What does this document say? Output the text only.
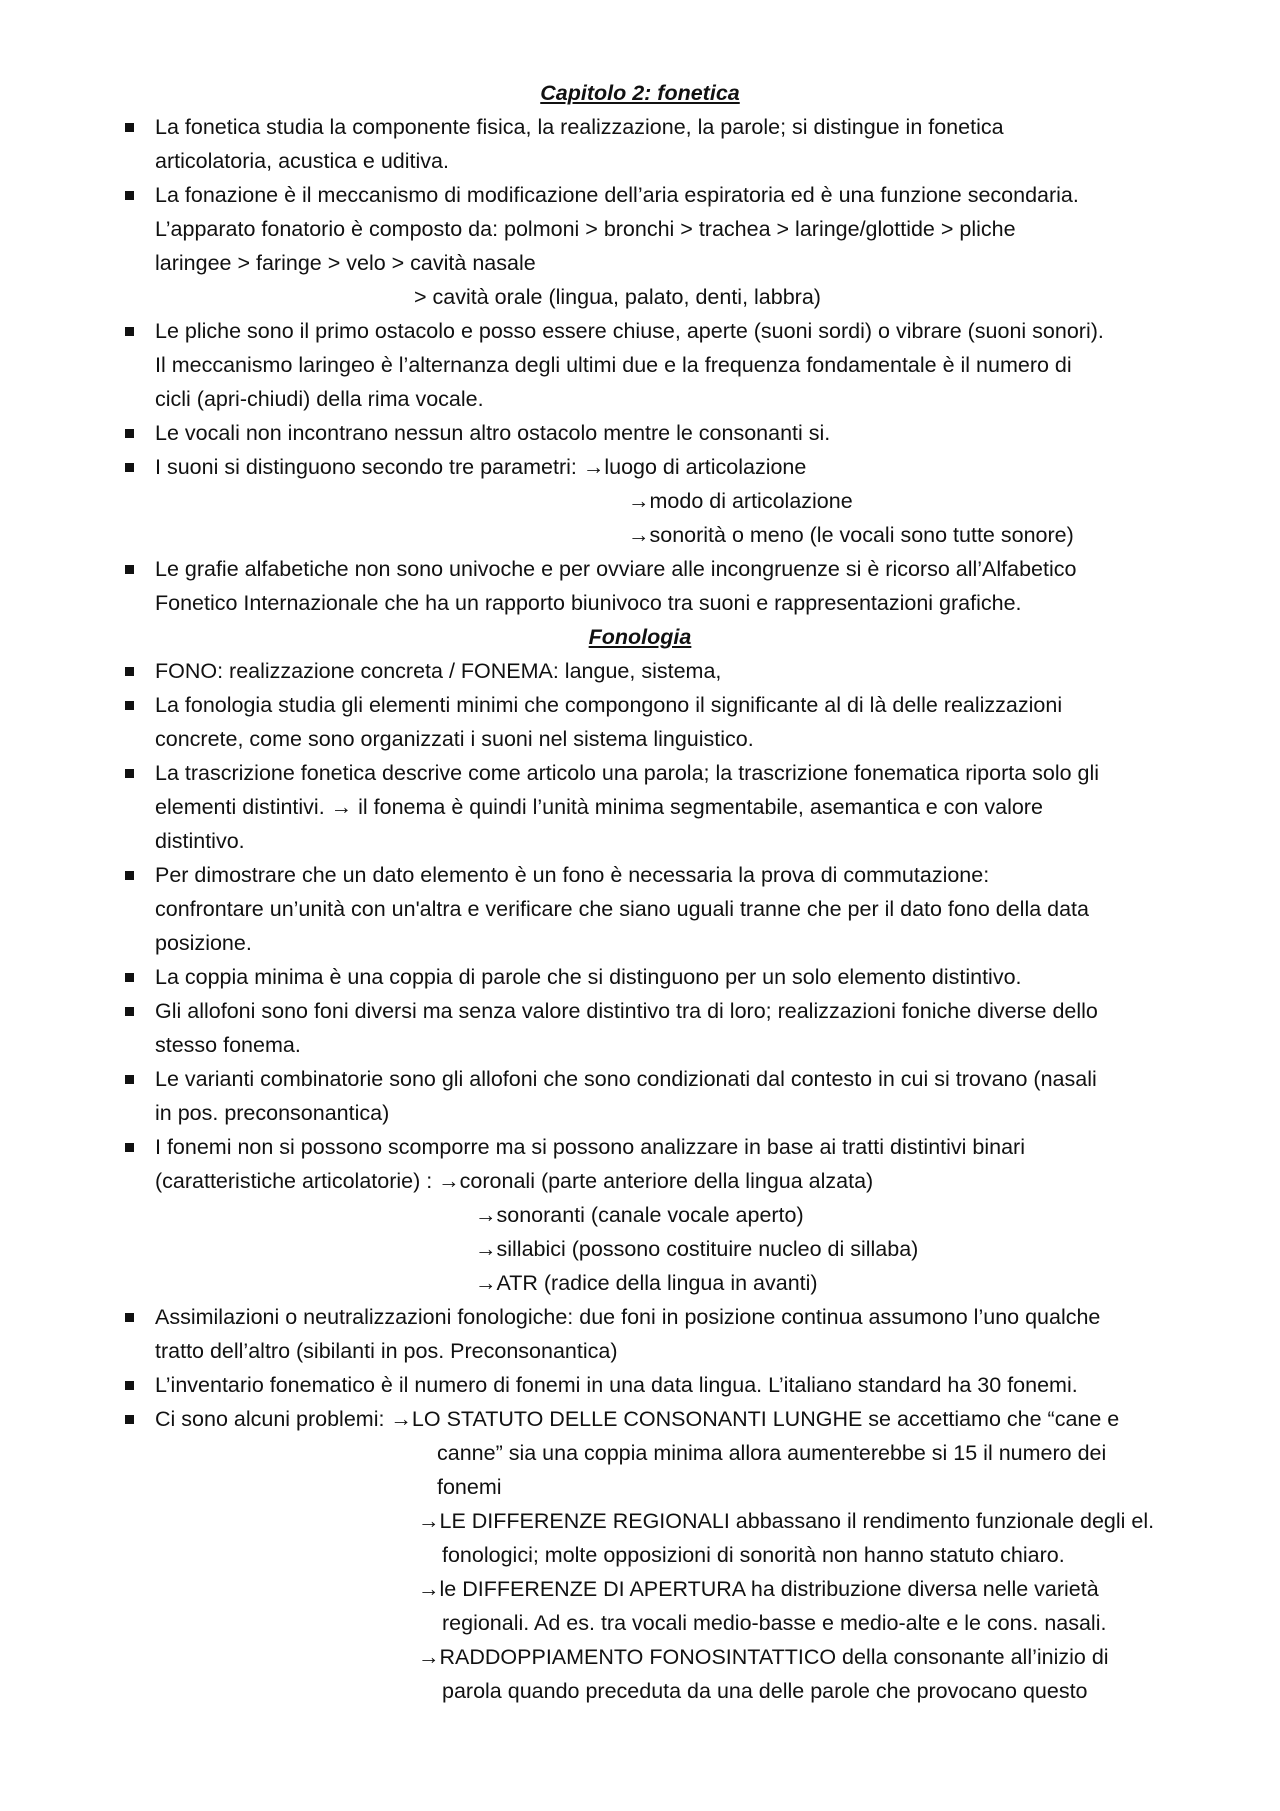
Capitolo 2: fonetica
Fonologia
La fonetica studia la componente fisica, la realizzazione, la parole; si distingue in fonetica
articolatoria, acustica e uditiva.
La fonazione è il meccanismo di modificazione dell’aria espiratoria ed è una funzione secondaria.
L’apparato fonatorio è composto da: polmoni > bronchi > trachea > laringe/glottide > pliche
laringee > faringe > velo > cavità nasale
> cavità orale (lingua, palato, denti, labbra)
Le pliche sono il primo ostacolo e posso essere chiuse, aperte (suoni sordi) o vibrare (suoni sonori).
Il meccanismo laringeo è l’alternanza degli ultimi due e la frequenza fondamentale è il numero di
cicli (apri-chiudi) della rima vocale.
Le vocali non incontrano nessun altro ostacolo mentre le consonanti si.
I suoni si distinguono secondo tre parametri: →luogo di articolazione
→modo di articolazione
→sonorità o meno (le vocali sono tutte sonore)
Le grafie alfabetiche non sono univoche e per ovviare alle incongruenze si è ricorso all’Alfabetico
Fonetico Internazionale che ha un rapporto biunivoco tra suoni e rappresentazioni grafiche.
FONO: realizzazione concreta / FONEMA: langue, sistema,
La fonologia studia gli elementi minimi che compongono il significante al di là delle realizzazioni
concrete, come sono organizzati i suoni nel sistema linguistico.
La trascrizione fonetica descrive come articolo una parola; la trascrizione fonematica riporta solo gli
elementi distintivi. → il fonema è quindi l’unità minima segmentabile, asemantica e con valore
distintivo.
Per dimostrare che un dato elemento è un fono è necessaria la prova di commutazione:
confrontare un’unità con un'altra e verificare che siano uguali tranne che per il dato fono della data
posizione.
La coppia minima è una coppia di parole che si distinguono per un solo elemento distintivo.
Gli allofoni sono foni diversi ma senza valore distintivo tra di loro; realizzazioni foniche diverse dello
stesso fonema.
Le varianti combinatorie sono gli allofoni che sono condizionati dal contesto in cui si trovano (nasali
in pos. preconsonantica)
I fonemi non si possono scomporre ma si possono analizzare in base ai tratti distintivi binari
(caratteristiche articolatorie) : →coronali (parte anteriore della lingua alzata)
→sonoranti (canale vocale aperto)
→sillabici (possono costituire nucleo di sillaba)
→ATR (radice della lingua in avanti)
Assimilazioni o neutralizzazioni fonologiche: due foni in posizione continua assumono l’uno qualche
tratto dell’altro (sibilanti in pos. Preconsonantica)
L’inventario fonematico è il numero di fonemi in una data lingua. L’italiano standard ha 30 fonemi.
Ci sono alcuni problemi: →LO STATUTO DELLE CONSONANTI LUNGHE se accettiamo che “cane e
canne” sia una coppia minima allora aumenterebbe si 15 il numero dei
fonemi
→LE DIFFERENZE REGIONALI abbassano il rendimento funzionale degli el.
fonologici; molte opposizioni di sonorità non hanno statuto chiaro.
→le DIFFERENZE DI APERTURA ha distribuzione diversa nelle varietà
regionali. Ad es. tra vocali medio-basse e medio-alte e le cons. nasali.
→RADDOPPIAMENTO FONOSINTATTICO della consonante all’inizio di
parola quando preceduta da una delle parole che provocano questo
